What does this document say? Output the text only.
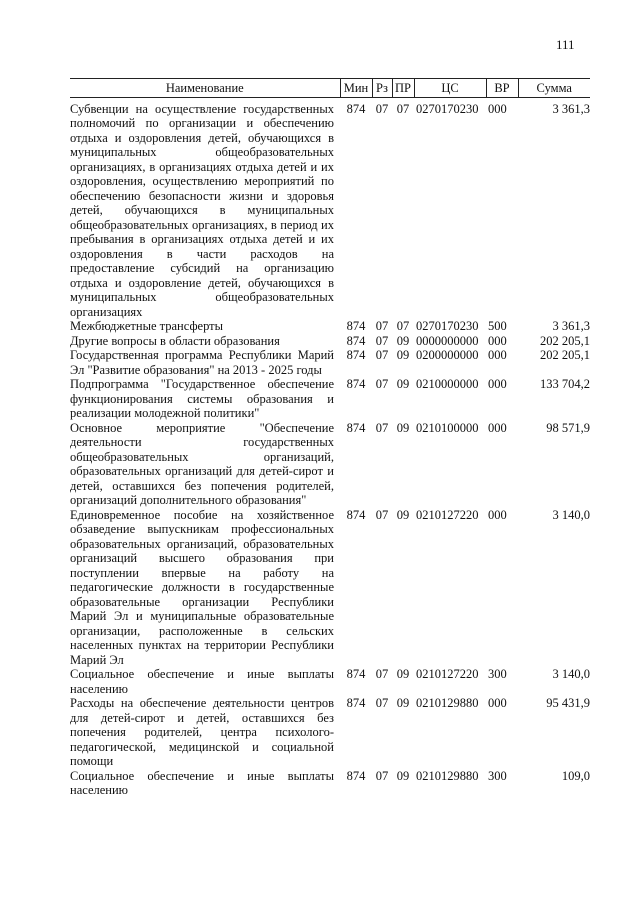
111
Наименование	Мин	Рз	ПР	ЦС	ВР	Сумма
Субвенции на осуществление государственных полномочий по организации и обеспечению отдыха и оздоровления детей, обучающихся в муниципальных общеобразовательных организациях, в организациях отдыха детей и их оздоровления, осуществлению мероприятий по обеспечению безопасности жизни и здоровья детей, обучающихся в муниципальных общеобразовательных организациях, в период их пребывания в организациях отдыха детей и их оздоровления в части расходов на предоставление субсидий на организацию отдыха и оздоровление детей, обучающихся в муниципальных общеобразовательных организациях	874	07	07	0270170230	000	3 361,3
Межбюджетные трансферты	874	07	07	0270170230	500	3 361,3
Другие вопросы в области образования	874	07	09	0000000000	000	202 205,1
Государственная программа Республики Марий Эл "Развитие образования" на 2013 - 2025 годы	874	07	09	0200000000	000	202 205,1
Подпрограмма "Государственное обеспечение функционирования системы образования и реализации молодежной политики"	874	07	09	0210000000	000	133 704,2
Основное мероприятие "Обеспечение деятельности государственных общеобразовательных организаций, образовательных организаций для детей-сирот и детей, оставшихся без попечения родителей, организаций дополнительного образования"	874	07	09	0210100000	000	98 571,9
Единовременное пособие на хозяйственное обзаведение выпускникам профессиональных образовательных организаций, образовательных организаций высшего образования при поступлении впервые на работу на педагогические должности в государственные образовательные организации Республики Марий Эл и муниципальные образовательные организации, расположенные в сельских населенных пунктах на территории Республики Марий Эл	874	07	09	0210127220	000	3 140,0
Социальное обеспечение и иные выплаты населению	874	07	09	0210127220	300	3 140,0
Расходы на обеспечение деятельности центров для детей-сирот и детей, оставшихся без попечения родителей, центра психолого-педагогической, медицинской и социальной помощи	874	07	09	0210129880	000	95 431,9
Социальное обеспечение и иные выплаты населению	874	07	09	0210129880	300	109,0
